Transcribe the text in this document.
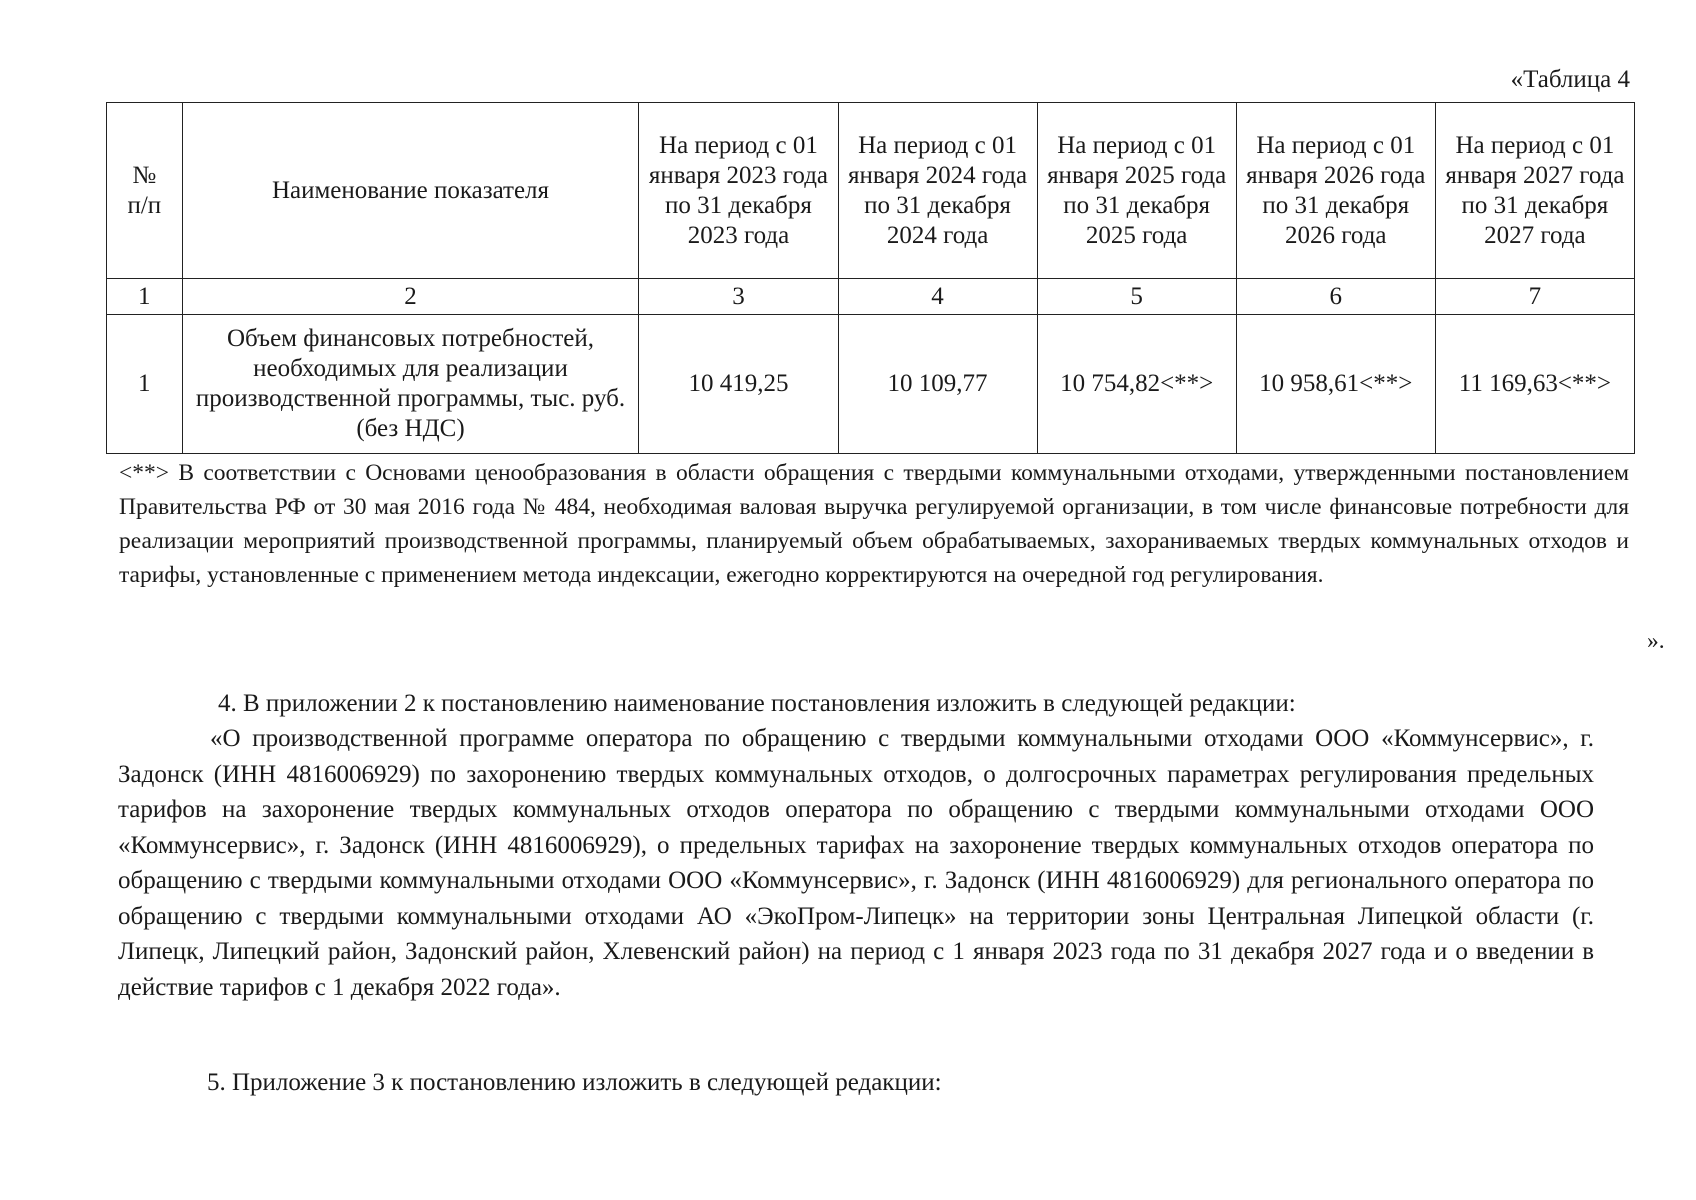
«Таблица 4
№
п/п	Наименование показателя	На период с 01 января 2023 года по 31 декабря 2023 года	На период с 01 января 2024 года по 31 декабря 2024 года	На период с 01 января 2025 года по 31 декабря 2025 года	На период с 01 января 2026 года по 31 декабря 2026 года	На период с 01 января 2027 года по 31 декабря 2027 года
1	2	3	4	5	6	7
1	Объем финансовых потребностей, необходимых для реализации производственной программы, тыс. руб. (без НДС)	10 419,25	10 109,77	10 754,82<**>	10 958,61<**>	11 169,63<**>
<**> В соответствии с Основами ценообразования в области обращения с твердыми коммунальными отходами, утвержденными постановлением Правительства РФ от 30 мая 2016 года № 484, необходимая валовая выручка регулируемой организации, в том числе финансовые потребности для реализации мероприятий производственной программы, планируемый объем обрабатываемых, захораниваемых твердых коммунальных отходов и тарифы, установленные с применением метода индексации, ежегодно корректируются на очередной год регулирования.
».
4. В приложении 2 к постановлению наименование постановления изложить в следующей редакции:
«О производственной программе оператора по обращению с твердыми коммунальными отходами ООО «Коммунсервис», г. Задонск (ИНН 4816006929) по захоронению твердых коммунальных отходов, о долгосрочных параметрах регулирования предельных тарифов на захоронение твердых коммунальных отходов оператора по обращению с твердыми коммунальными отходами ООО «Коммунсервис», г. Задонск (ИНН 4816006929), о предельных тарифах на захоронение твердых коммунальных отходов оператора по обращению с твердыми коммунальными отходами ООО «Коммунсервис», г. Задонск (ИНН 4816006929) для регионального оператора по обращению с твердыми коммунальными отходами АО «ЭкоПром-Липецк» на территории зоны Центральная Липецкой области (г. Липецк, Липецкий район, Задонский район, Хлевенский район) на период с 1 января 2023 года по 31 декабря 2027 года и о введении в действие тарифов с 1 декабря 2022 года».
5. Приложение 3 к постановлению изложить в следующей редакции:
